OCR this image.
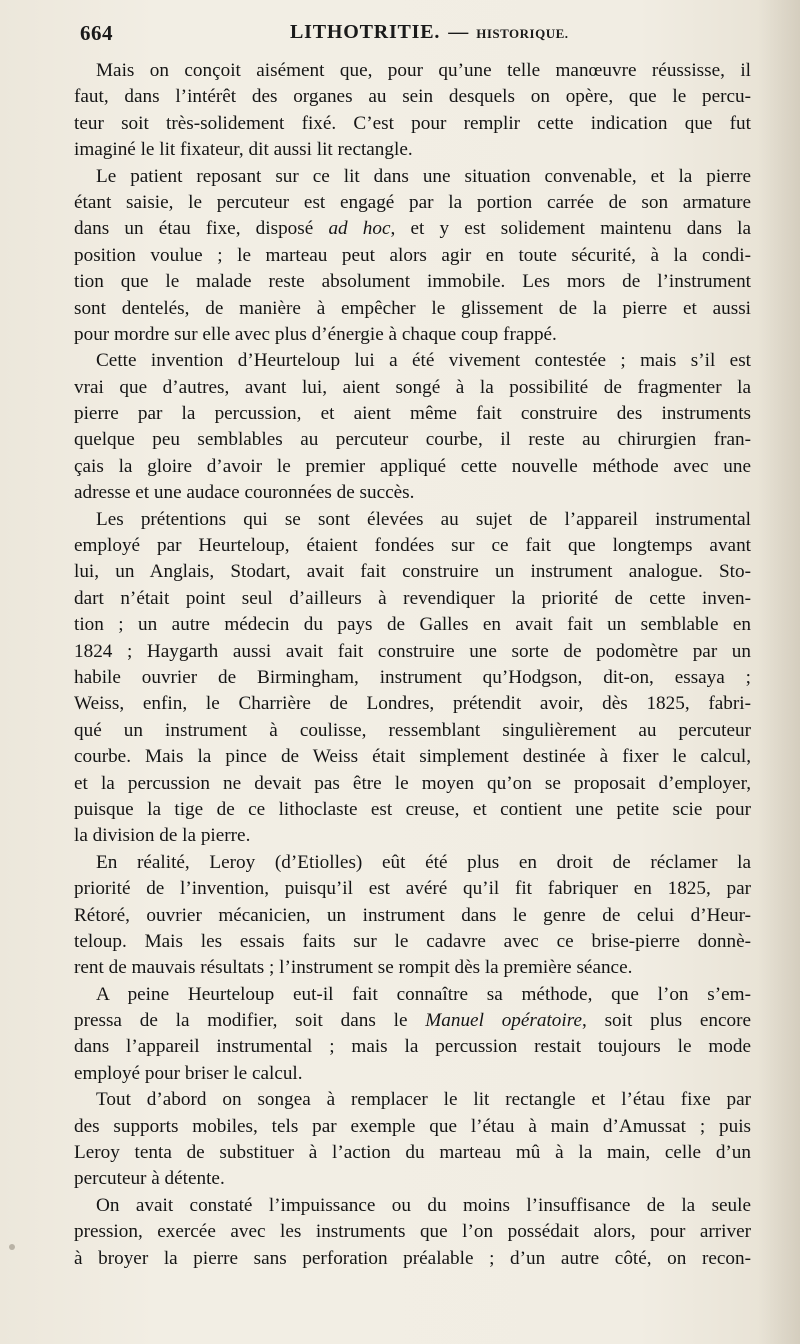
664	LITHOTRITIE. — HISTORIQUE.

Mais on conçoit aisément que, pour qu’une telle manœuvre réussisse, il
faut, dans l’intérêt des organes au sein desquels on opère, que le percu-
teur soit très-solidement fixé. C’est pour remplir cette indication que fut
imaginé le lit fixateur, dit aussi lit rectangle.

Le patient reposant sur ce lit dans une situation convenable, et la pierre
étant saisie, le percuteur est engagé par la portion carrée de son armature
dans un étau fixe, disposé ad hoc, et y est solidement maintenu dans la
position voulue ; le marteau peut alors agir en toute sécurité, à la condi-
tion que le malade reste absolument immobile. Les mors de l’instrument
sont dentelés, de manière à empêcher le glissement de la pierre et aussi
pour mordre sur elle avec plus d’énergie à chaque coup frappé.

Cette invention d’Heurteloup lui a été vivement contestée ; mais s’il est
vrai que d’autres, avant lui, aient songé à la possibilité de fragmenter la
pierre par la percussion, et aient même fait construire des instruments
quelque peu semblables au percuteur courbe, il reste au chirurgien fran-
çais la gloire d’avoir le premier appliqué cette nouvelle méthode avec une
adresse et une audace couronnées de succès.

Les prétentions qui se sont élevées au sujet de l’appareil instrumental
employé par Heurteloup, étaient fondées sur ce fait que longtemps avant
lui, un Anglais, Stodart, avait fait construire un instrument analogue. Sto-
dart n’était point seul d’ailleurs à revendiquer la priorité de cette inven-
tion ; un autre médecin du pays de Galles en avait fait un semblable en
1824 ; Haygarth aussi avait fait construire une sorte de podomètre par un
habile ouvrier de Birmingham, instrument qu’Hodgson, dit-on, essaya ;
Weiss, enfin, le Charrière de Londres, prétendit avoir, dès 1825, fabri-
qué un instrument à coulisse, ressemblant singulièrement au percuteur
courbe. Mais la pince de Weiss était simplement destinée à fixer le calcul,
et la percussion ne devait pas être le moyen qu’on se proposait d’employer,
puisque la tige de ce lithoclaste est creuse, et contient une petite scie pour
la division de la pierre.

En réalité, Leroy (d’Etiolles) eût été plus en droit de réclamer la
priorité de l’invention, puisqu’il est avéré qu’il fit fabriquer en 1825, par
Rétoré, ouvrier mécanicien, un instrument dans le genre de celui d’Heur-
teloup. Mais les essais faits sur le cadavre avec ce brise-pierre donnè-
rent de mauvais résultats ; l’instrument se rompit dès la première séance.

A peine Heurteloup eut-il fait connaître sa méthode, que l’on s’em-
pressa de la modifier, soit dans le Manuel opératoire, soit plus encore
dans l’appareil instrumental ; mais la percussion restait toujours le mode
employé pour briser le calcul.

Tout d’abord on songea à remplacer le lit rectangle et l’étau fixe par
des supports mobiles, tels par exemple que l’étau à main d’Amussat ; puis
Leroy tenta de substituer à l’action du marteau mû à la main, celle d’un
percuteur à détente.

On avait constaté l’impuissance ou du moins l’insuffisance de la seule
pression, exercée avec les instruments que l’on possédait alors, pour arriver
à broyer la pierre sans perforation préalable ; d’un autre côté, on recon-
